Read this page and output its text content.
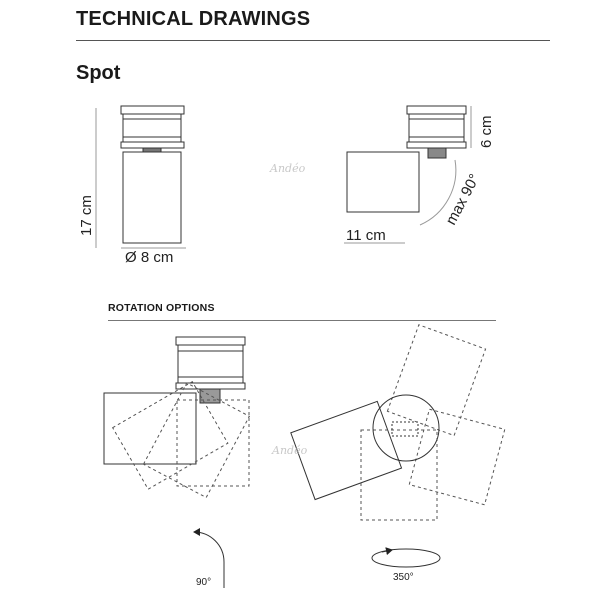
TECHNICAL DRAWINGS
Spot
ROTATION OPTIONS
17 cm
Ø 8 cm
6 cm
max 90°
11 cm
Andéo
90°	350°
Andéo
